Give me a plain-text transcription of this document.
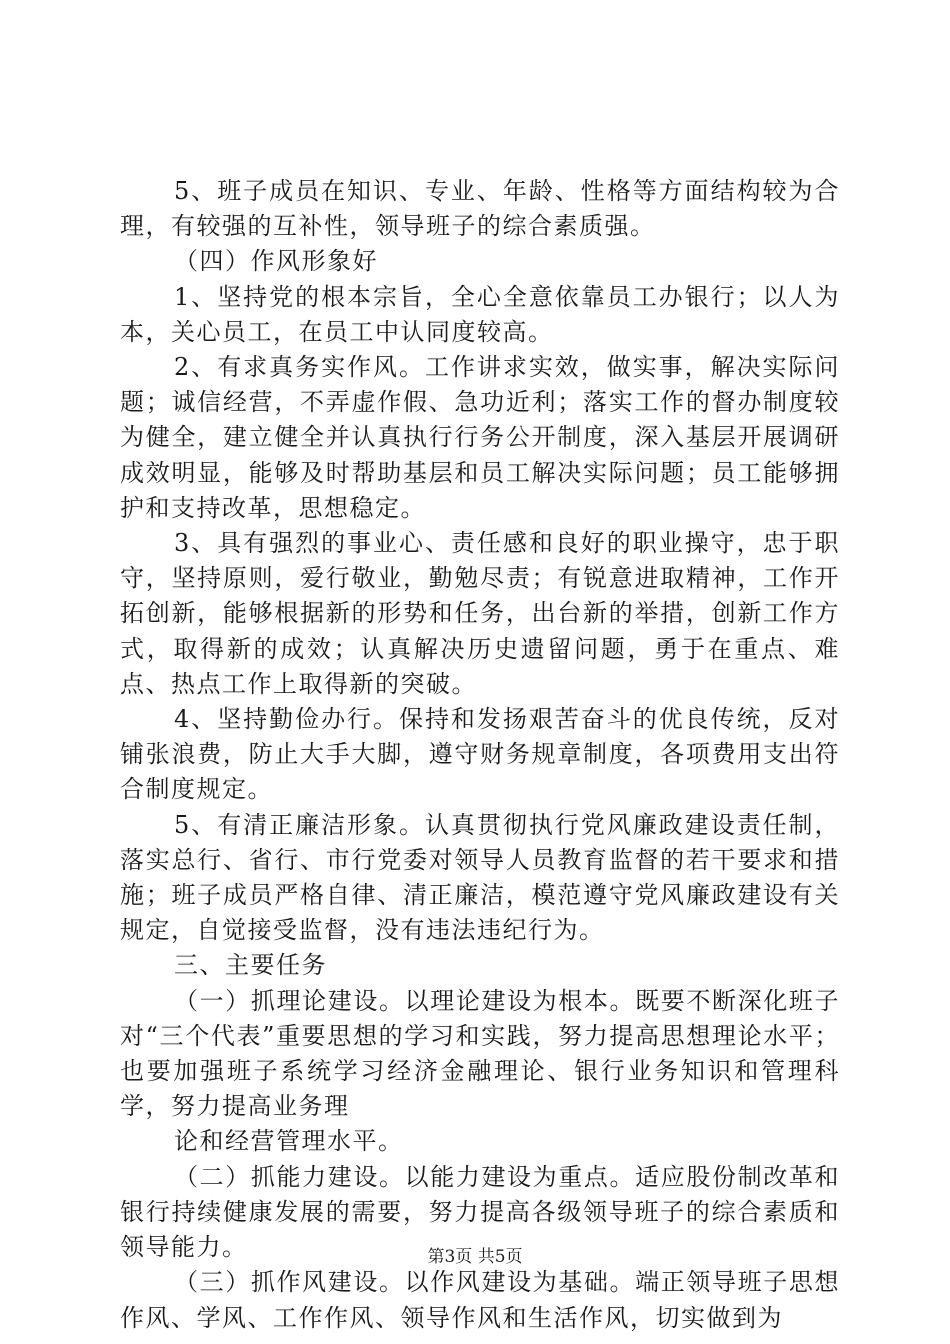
5、班子成员在知识、专业、年龄、性格等方面结构较为合理，有较强的互补性，领导班子的综合素质强。

（四）作风形象好

1、坚持党的根本宗旨，全心全意依靠员工办银行；以人为本，关心员工，在员工中认同度较高。

2、有求真务实作风。工作讲求实效，做实事，解决实际问题；诚信经营，不弄虚作假、急功近利；落实工作的督办制度较为健全，建立健全并认真执行行务公开制度，深入基层开展调研成效明显，能够及时帮助基层和员工解决实际问题；员工能够拥护和支持改革，思想稳定。

3、具有强烈的事业心、责任感和良好的职业操守，忠于职守，坚持原则，爱行敬业，勤勉尽责；有锐意进取精神，工作开拓创新，能够根据新的形势和任务，出台新的举措，创新工作方式，取得新的成效；认真解决历史遗留问题，勇于在重点、难点、热点工作上取得新的突破。

4、坚持勤俭办行。保持和发扬艰苦奋斗的优良传统，反对铺张浪费，防止大手大脚，遵守财务规章制度，各项费用支出符合制度规定。

5、有清正廉洁形象。认真贯彻执行党风廉政建设责任制，落实总行、省行、市行党委对领导人员教育监督的若干要求和措施；班子成员严格自律、清正廉洁，模范遵守党风廉政建设有关规定，自觉接受监督，没有违法违纪行为。

三、主要任务

（一）抓理论建设。以理论建设为根本。既要不断深化班子对“三个代表”重要思想的学习和实践，努力提高思想理论水平；也要加强班子系统学习经济金融理论、银行业务知识和管理科学，努力提高业务理

论和经营管理水平。

（二）抓能力建设。以能力建设为重点。适应股份制改革和银行持续健康发展的需要，努力提高各级领导班子的综合素质和领导能力。

（三）抓作风建设。以作风建设为基础。端正领导班子思想作风、学风、工作作风、领导作风和生活作风，切实做到为

第3页 共5页
